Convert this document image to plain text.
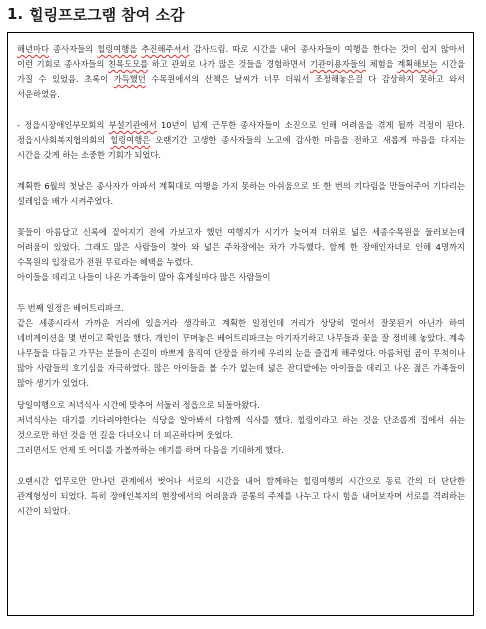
1. 힐링프로그램 참여 소감

해년마다 종사자들의 힐링여행을 추진해주셔서 감사드림. 따로 시간을 내어 종사자들이 여행을 한다는 것이 쉽지 않아서 이런 기회로 종사자들의 친목도모를 하고 관외로 나가 많은 것들을 경험하면서 기관이용자들의 체험을 계획해보는 시간을 가질 수 있었음. 초록이 가득했던 수목원에서의 산책은 날씨가 너무 더워서 조정해놓은걸 다 감상하지 못하고 와서 서운하였음.

- 정읍시장애인부모회의 부설기관에서 10년이 넘게 근무한 종사자들이 소진으로 인해 어려움을 겪게 될까 걱정이 된다. 정읍시사회복지협의회의 힐링여행은 오랜기간 고생한 종사자들의 노고에 감사한 마음을 전하고 새롭게 마음을 다지는 시간을 갖게 하는 소중한 기회가 되었다.

계획한 6월의 첫날은 종사자가 아파서 계획대로 여행을 가지 못하는 아쉬움으로 또 한 번의 기다림을 만들어주어 기다리는 설레임을 배가 시켜주었다.

꽃들이 아름답고 신록에 짙어지기 전에 가보고자 했던 여행지가 시기가 늦어져 더위로 넓은 세종수목원을 둘러보는데 어려움이 있었다. 그래도 많은 사람들이 찾아 와 넓은 주차장에는 차가 가득했다. 함께 한 장애인자녀로 인해 4명까지 수목원의 입장료가 전원 무료라는 혜택을 누렸다.

아이들을 데리고 나들이 나온 가족들이 많아 휴게실마다 많은 사람들이

두 번째 일정은 베어트리파크.

같은 세종시라서 가까운 거리에 있을거라 생각하고 계획한 일정인데 거리가 상당히 멀어서 잘못된거 아닌가 하여 네비게이션을 몇 번이고 확인을 했다. 개인이 꾸며놓은 베어트리파크는 아기자기하고 나무들과 꽃을 잘 정비해 놓았다. 계속 나무들을 다듬고 가꾸는 분들이 손길이 바쁘게 움직여 단장을 하기에 우리의 눈을 즐겁게 해주었다. 아름처럼 곰이 무척이나 많아 사람들의 호기심을 자극하였다. 많은 아이들을 볼 수가 없는데 넓은 잔디밭에는 아이들을 데리고 나온 젊은 가족들이 많아 생기가 있었다.

당일여행으로 저녁식사 시간에 맞추어 서둘러 정읍으로 되돌아왔다.

저녁식사는 대기를 기다려야한다는 식당을 알아봐서 다함께 식사를 했다. 힐링이라고 하는 것을 단조롭게 집에서 쉬는 것으로만 하던 것을 먼 길을 다녀오니 더 피곤하다며 웃었다.

그러면서도 언제 또 어디를 가볼까하는 얘기를 하며 다음을 기대하게 했다.

오랜시간 업무로만 만나던 관계에서 벗어나 서로의 시간을 내어 함께하는 힐링여행의 시간으로 동료 간의 더 단단한 관계형성이 되었다. 특히 장애인복지의 현장에서의 어려움과 공통의 주제를 나누고 다시 힘을 내어보자며 서로를 격려하는 시간이 되었다.
